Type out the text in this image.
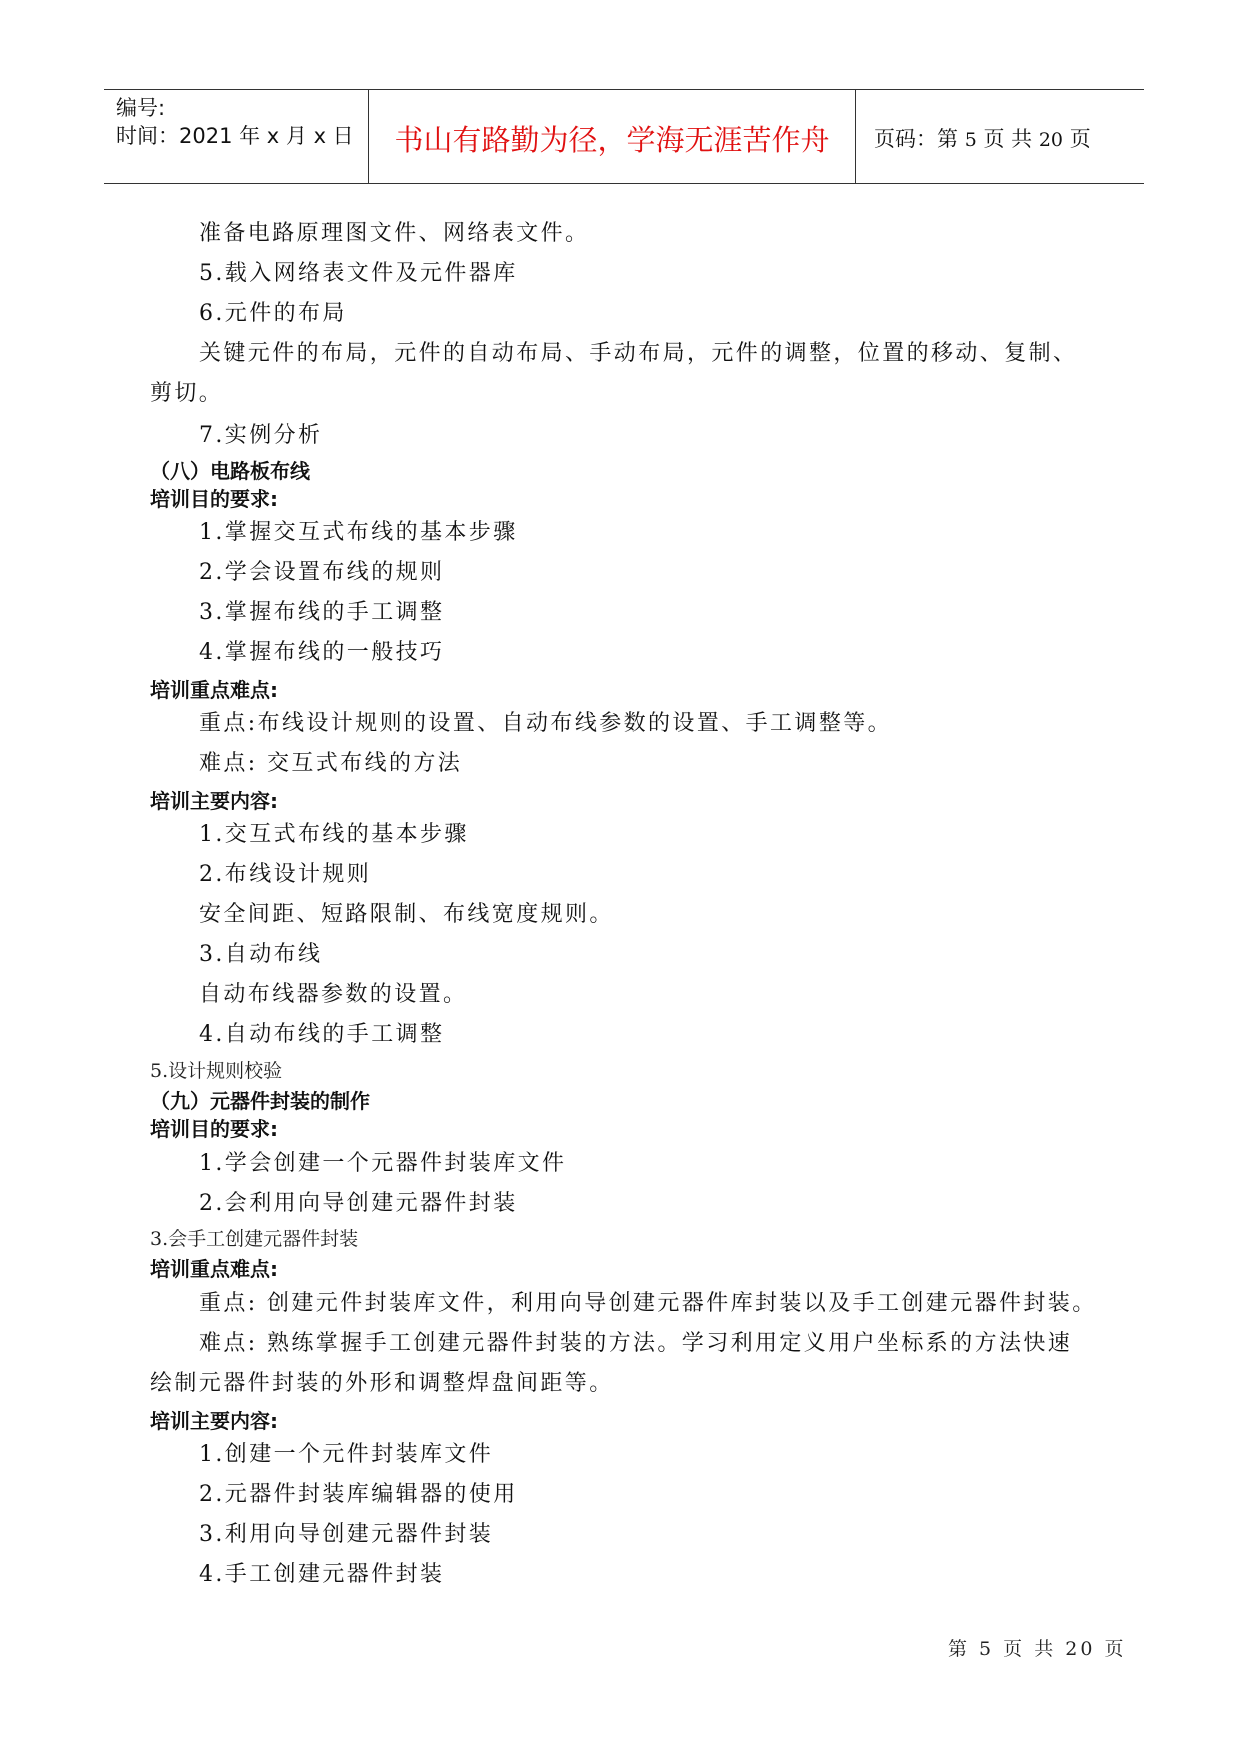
编号:
时间：2021 年 x 月 x 日	书山有路勤为径，学海无涯苦作舟	页码：第 5 页 共 20 页
准备电路原理图文件、网络表文件。
5.载入网络表文件及元件器库
6.元件的布局
关键元件的布局，元件的自动布局、手动布局，元件的调整，位置的移动、复制、
剪切。
7.实例分析
（八）电路板布线
培训目的要求:
1.掌握交互式布线的基本步骤
2.学会设置布线的规则
3.掌握布线的手工调整
4.掌握布线的一般技巧
培训重点难点:
重点:布线设计规则的设置、自动布线参数的设置、手工调整等。
难点: 交互式布线的方法
培训主要内容:
1.交互式布线的基本步骤
2.布线设计规则
安全间距、短路限制、布线宽度规则。
3.自动布线
自动布线器参数的设置。
4.自动布线的手工调整
5.设计规则校验
（九）元器件封装的制作
培训目的要求:
1.学会创建一个元器件封装库文件
2.会利用向导创建元器件封装
3.会手工创建元器件封装
培训重点难点:
重点: 创建元件封装库文件，利用向导创建元器件库封装以及手工创建元器件封装。
难点: 熟练掌握手工创建元器件封装的方法。学习利用定义用户坐标系的方法快速
绘制元器件封装的外形和调整焊盘间距等。
培训主要内容:
1.创建一个元件封装库文件
2.元器件封装库编辑器的使用
3.利用向导创建元器件封装
4.手工创建元器件封装
第 5 页 共 20 页
